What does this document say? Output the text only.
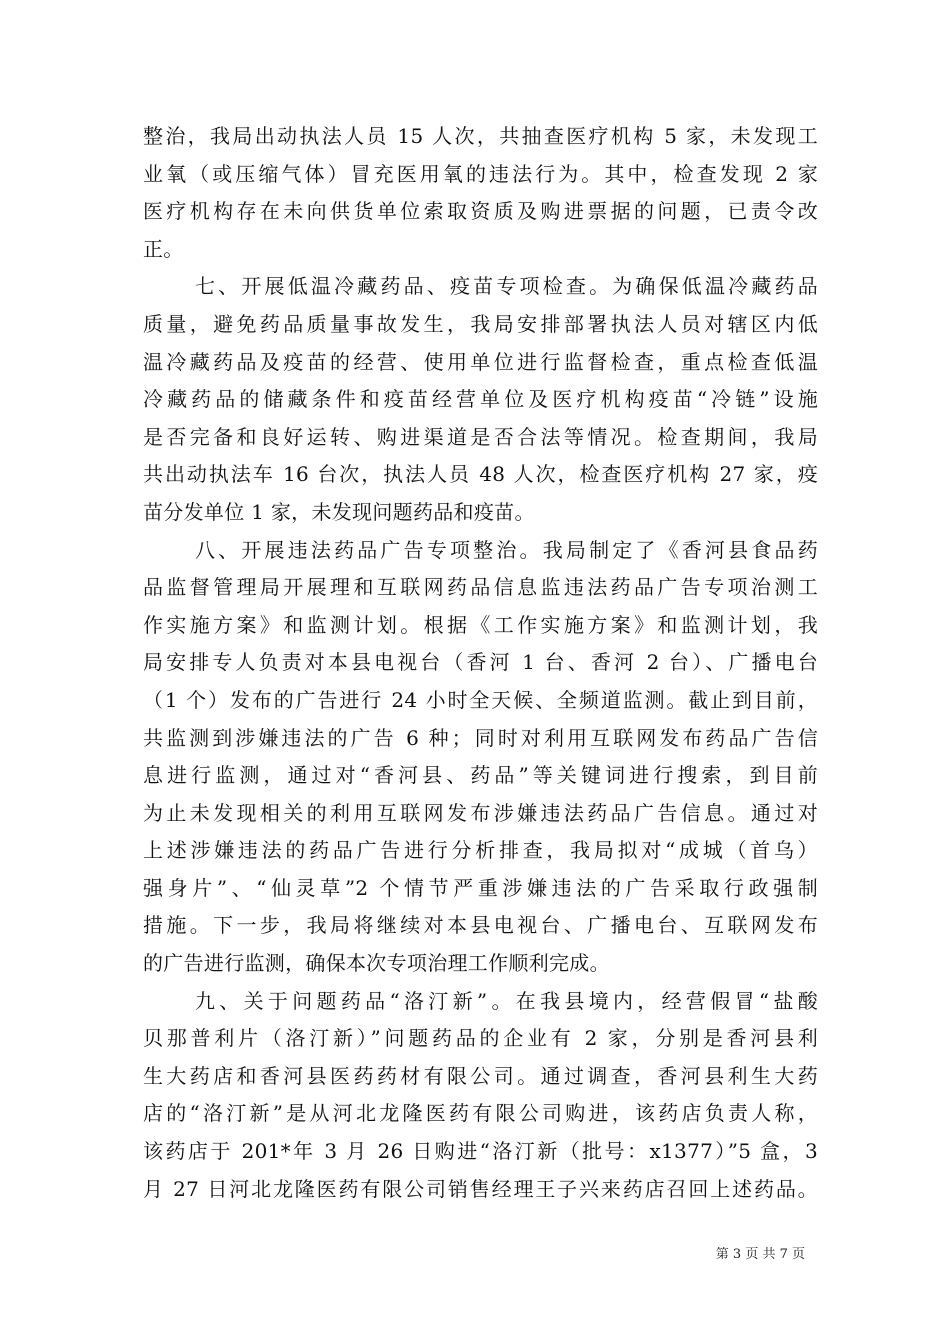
整治，我局出动执法人员 15 人次，共抽查医疗机构 5 家，未发现工
业氧（或压缩气体）冒充医用氧的违法行为。其中，检查发现 2 家
医疗机构存在未向供货单位索取资质及购进票据的问题，已责令改
正。
七、开展低温冷藏药品、疫苗专项检查。为确保低温冷藏药品
质量，避免药品质量事故发生，我局安排部署执法人员对辖区内低
温冷藏药品及疫苗的经营、使用单位进行监督检查，重点检查低温
冷藏药品的储藏条件和疫苗经营单位及医疗机构疫苗“冷链”设施
是否完备和良好运转、购进渠道是否合法等情况。检查期间，我局
共出动执法车 16 台次，执法人员 48 人次，检查医疗机构 27 家，疫
苗分发单位 1 家，未发现问题药品和疫苗。
八、开展违法药品广告专项整治。我局制定了《香河县食品药
品监督管理局开展理和互联网药品信息监违法药品广告专项治测工
作实施方案》和监测计划。根据《工作实施方案》和监测计划，我
局安排专人负责对本县电视台（香河 1 台、香河 2 台）、广播电台
（1 个）发布的广告进行 24 小时全天候、全频道监测。截止到目前，
共监测到涉嫌违法的广告 6 种；同时对利用互联网发布药品广告信
息进行监测，通过对“香河县、药品”等关键词进行搜索，到目前
为止未发现相关的利用互联网发布涉嫌违法药品广告信息。通过对
上述涉嫌违法的药品广告进行分析排查，我局拟对“成城（首乌）
强身片”、“仙灵草”2 个情节严重涉嫌违法的广告采取行政强制
措施。下一步，我局将继续对本县电视台、广播电台、互联网发布
的广告进行监测，确保本次专项治理工作顺利完成。
九、关于问题药品“洛汀新”。在我县境内，经营假冒“盐酸
贝那普利片（洛汀新）”问题药品的企业有 2 家，分别是香河县利
生大药店和香河县医药药材有限公司。通过调查，香河县利生大药
店的“洛汀新”是从河北龙隆医药有限公司购进，该药店负责人称，
该药店于 201*年 3 月 26 日购进“洛汀新（批号：x1377）”5 盒，3
月 27 日河北龙隆医药有限公司销售经理王子兴来药店召回上述药品。
第 3 页 共 7 页
